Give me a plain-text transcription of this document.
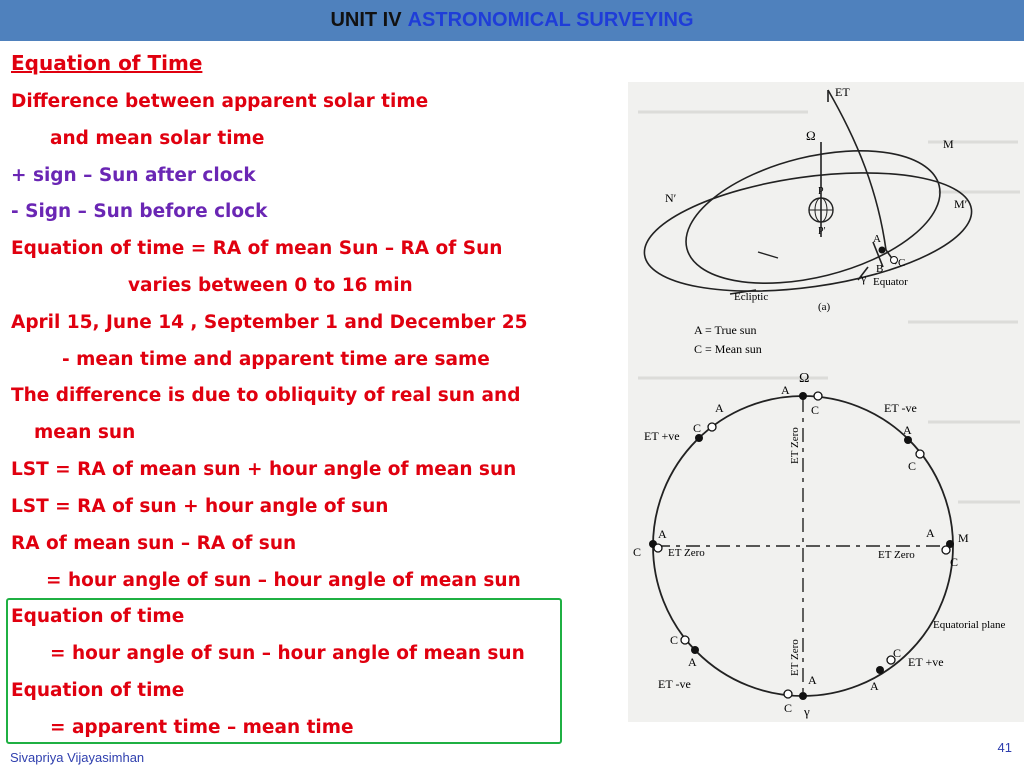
UNIT IV ASTRONOMICAL SURVEYING
Equation of Time
Difference between apparent solar time
and mean solar time
+ sign – Sun after clock
- Sign – Sun before clock
Equation of time = RA of mean Sun – RA of Sun
varies between 0 to 16 min
April 15, June 14 , September 1 and December 25
- mean time and apparent time are same
The difference is due to obliquity of real sun and
mean sun
LST = RA of mean sun + hour angle of mean sun
LST = RA of sun + hour angle of sun
RA of mean sun – RA of sun
= hour angle of sun – hour angle of mean sun
Equation of time
= hour angle of sun – hour angle of mean sun
Equation of time
= apparent time – mean time
ET
Ω
M
N′	M′
P
P′
A
B C
γ Equator
Ecliptic
(a)
A = True sun
C = Mean sun
Ω
A
C
A
C
ET -ve
ET +ve	A
C
ET Zero
A
C ET Zero	ET Zero
A M
C
Equatorial plane
ET Zero
C
A
C
A
ET +ve
ET -ve	A
C γ
Sivapriya Vijayasimhan
41
